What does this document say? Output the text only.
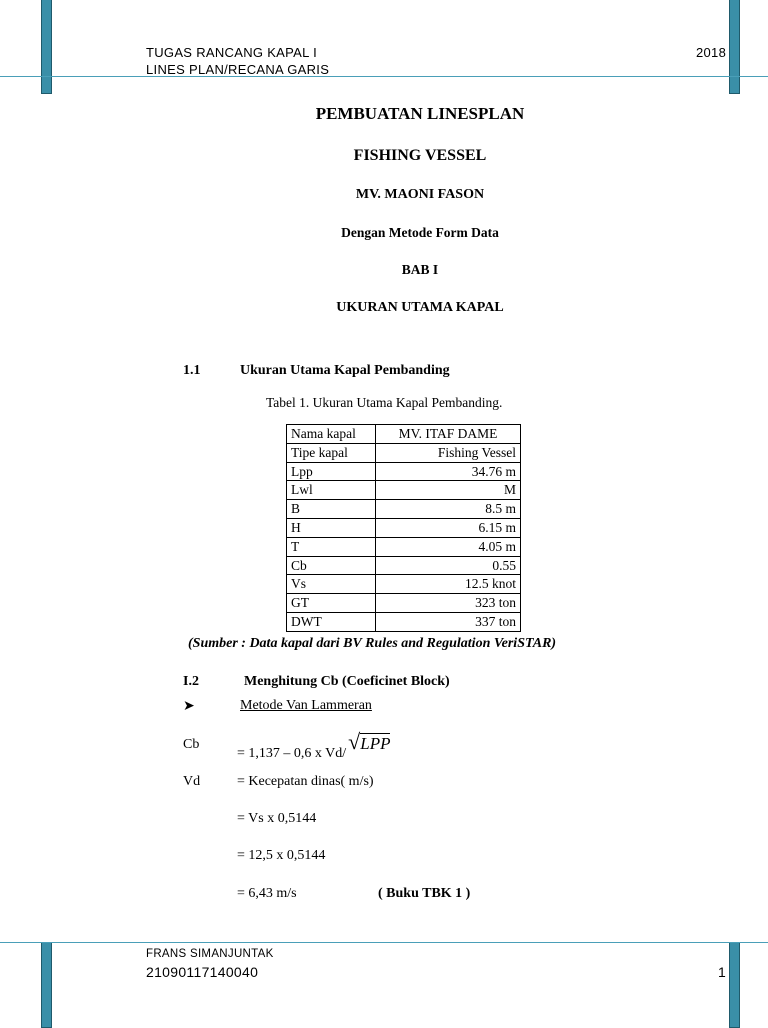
TUGAS RANCANG KAPAL I
LINES PLAN/RECANA GARIS
2018
PEMBUATAN LINESPLAN
FISHING VESSEL
MV. MAONI FASON
Dengan Metode Form Data
BAB I
UKURAN UTAMA KAPAL
1.1	Ukuran Utama Kapal Pembanding
Tabel 1. Ukuran Utama Kapal Pembanding.
Nama kapal	MV. ITAF DAME
Tipe kapal	Fishing Vessel
Lpp	34.76 m
Lwl	M
B	8.5 m
H	6.15 m
T	4.05 m
Cb	0.55
Vs	12.5 knot
GT	323 ton
DWT	337 ton
(Sumber : Data kapal dari BV Rules and Regulation VeriSTAR)
I.2	Menghitung Cb (Coeficinet Block)
➤	Metode Van Lammeran
Cb
= 1,137 – 0,6 x Vd/√LPP
Vd	= Kecepatan dinas( m/s)
= Vs x 0,5144
= 12,5 x 0,5144
= 6,43 m/s	( Buku TBK 1 )
FRANS SIMANJUNTAK
21090117140040	1
